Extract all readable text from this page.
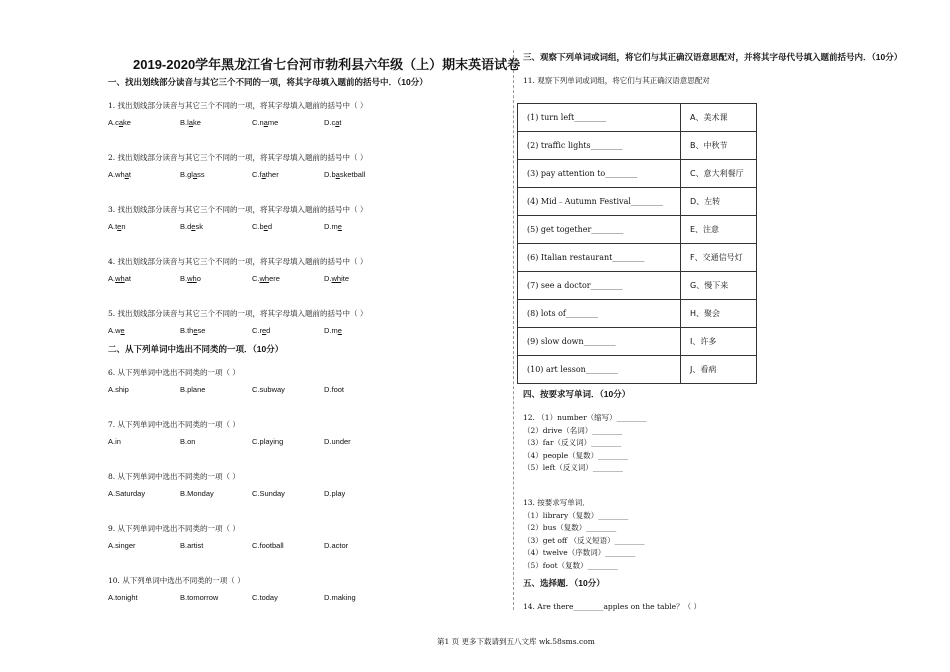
2019-2020学年黑龙江省七台河市勃利县六年级（上）期末英语试卷
一、找出划线部分读音与其它三个不同的一项，将其字母填入题前的括号中．（10分）
1. 找出划线部分读音与其它三个不同的一项，将其字母填入题前的括号中（ ）
A.cake	B.lake	C.name	D.cat
2. 找出划线部分读音与其它三个不同的一项，将其字母填入题前的括号中（ ）
A.what	B.glass	C.father	D.basketball
3. 找出划线部分读音与其它三个不同的一项，将其字母填入题前的括号中（ ）
A.ten	B.desk	C.bed	D.me
4. 找出划线部分读音与其它三个不同的一项，将其字母填入题前的括号中（ ）
A.what	B.who	C.where	D.white
5. 找出划线部分读音与其它三个不同的一项，将其字母填入题前的括号中（ ）
A.we	B.these	C.red	D.me
二、从下列单词中选出不同类的一项．（10分）
6. 从下列单词中选出不同类的一项（ ）
A.ship	B.plane	C.subway	D.foot
7. 从下列单词中选出不同类的一项（ ）
A.in	B.on	C.playing	D.under
8. 从下列单词中选出不同类的一项（ ）
A.Saturday	B.Monday	C.Sunday	D.play
9. 从下列单词中选出不同类的一项（ ）
A.singer	B.artist	C.football	D.actor
10. 从下列单词中选出不同类的一项（ ）
A.tonight	B.tomorrow	C.today	D.making
三、观察下列单词或词组，将它们与其正确汉语意思配对，并将其字母代号填入题前括号内．（10分）
11. 观察下列单词或词组，将它们与其正确汉语意思配对
(1) turn left________	A、美术课
(2) traffic lights________	B、中秋节
(3) pay attention to________	C、意大利餐厅
(4) Mid﹣Autumn Festival________	D、左转
(5) get together________	E、注意
(6) Italian restaurant________	F、交通信号灯
(7) see a doctor________	G、慢下来
(8) lots of________	H、聚会
(9) slow down________	I、许多
(10) art lesson________	J、看病
四、按要求写单词．（10分）
12. （1）number（缩写）________
（2）drive（名词）________
（3）far（反义词）________
（4）people（复数）________
（5）left（反义词）________
13. 按要求写单词．
（1）library（复数）________
（2）bus（复数）________
（3）get off （反义短语）________
（4）twelve（序数词）________
（5）foot（复数）________
五、选择题．（10分）
14. Are there________apples on the table？（ ）
第1 页 更多下载请到五八文库 wk.58sms.com
